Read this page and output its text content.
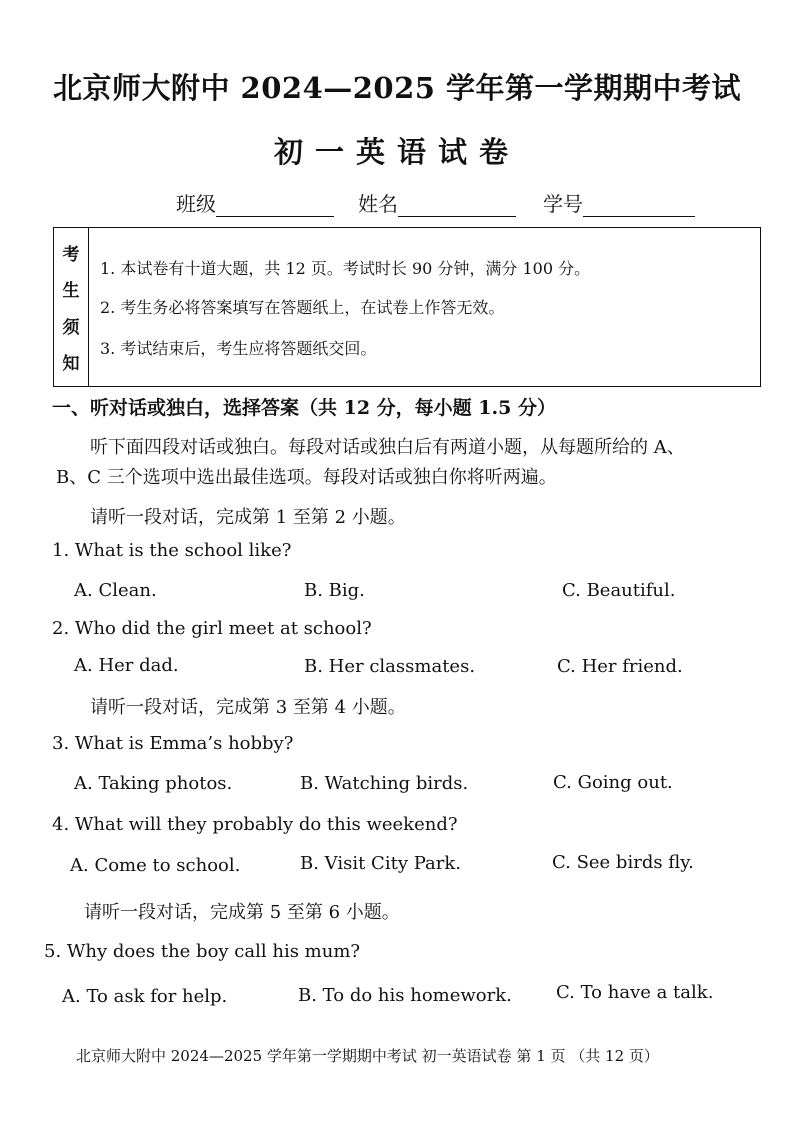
北京师大附中 2024—2025 学年第一学期期中考试
初一英语试卷
班级	姓名	学号
考
生
须
知
1. 本试卷有十道大题，共 12 页。考试时长 90 分钟，满分 100 分。
2. 考生务必将答案填写在答题纸上，在试卷上作答无效。
3. 考试结束后，考生应将答题纸交回。
一、听对话或独白，选择答案（共 12 分，每小题 1.5 分）
听下面四段对话或独白。每段对话或独白后有两道小题，从每题所给的 A、
B、C 三个选项中选出最佳选项。每段对话或独白你将听两遍。
请听一段对话，完成第 1 至第 2 小题。
1. What is the school like?
A. Clean.	B. Big.	C. Beautiful.
2. Who did the girl meet at school?
A. Her dad.	B. Her classmates.	C. Her friend.
请听一段对话，完成第 3 至第 4 小题。
3. What is Emma’s hobby?
A. Taking photos.	B. Watching birds.	C. Going out.
4. What will they probably do this weekend?
A. Come to school.	B. Visit City Park.	C. See birds fly.
请听一段对话，完成第 5 至第 6 小题。
5. Why does the boy call his mum?
A. To ask for help.	B. To do his homework. C. To have a talk.
北京师大附中 2024—2025 学年第一学期期中考试 初一英语试卷 第 1 页 （共 12 页）
